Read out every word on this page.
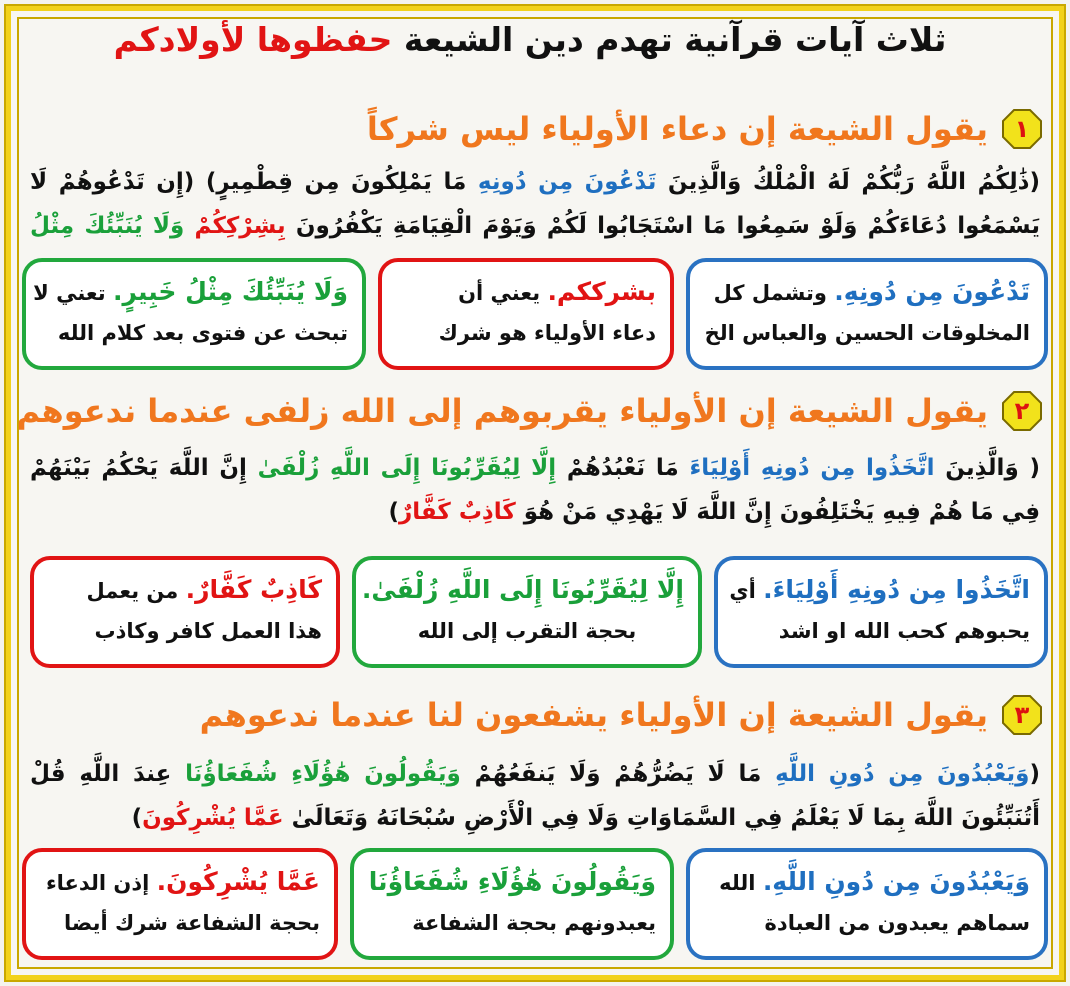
ثلاث آيات قرآنية تهدم دين الشيعة حفظوها لأولادكم
١
يقول الشيعة إن دعاء الأولياء ليس شركاً
(ذَٰلِكُمُ اللَّهُ رَبُّكُمْ لَهُ الْمُلْكُ وَالَّذِينَ تَدْعُونَ مِن دُونِهِ مَا يَمْلِكُونَ مِن قِطْمِيرٍ) (إِن تَدْعُوهُمْ لَا يَسْمَعُوا دُعَاءَكُمْ وَلَوْ سَمِعُوا مَا اسْتَجَابُوا لَكُمْ وَيَوْمَ الْقِيَامَةِ يَكْفُرُونَ بِشِرْكِكُمْ وَلَا يُنَبِّئُكَ مِثْلُ
تَدْعُونَ مِن دُونِهِ. وتشمل كل
المخلوقات الحسين والعباس الخ
بشرككم. يعني أن
دعاء الأولياء هو شرك
وَلَا يُنَبِّئُكَ مِثْلُ خَبِيرٍ. تعني لا
تبحث عن فتوى بعد كلام الله
٢
يقول الشيعة إن الأولياء يقربوهم إلى الله زلفى عندما ندعوهم
( وَالَّذِينَ اتَّخَذُوا مِن دُونِهِ أَوْلِيَاءَ مَا نَعْبُدُهُمْ إِلَّا لِيُقَرِّبُونَا إِلَى اللَّهِ زُلْفَىٰ إِنَّ اللَّهَ يَحْكُمُ بَيْنَهُمْ فِي مَا هُمْ فِيهِ يَخْتَلِفُونَ إِنَّ اللَّهَ لَا يَهْدِي مَنْ هُوَ كَاذِبٌ كَفَّارٌ)
اتَّخَذُوا مِن دُونِهِ أَوْلِيَاءَ. أي
يحبوهم كحب الله او اشد
إِلَّا لِيُقَرِّبُونَا إِلَى اللَّهِ زُلْفَىٰ.
بحجة التقرب إلى الله
كَاذِبٌ كَفَّارٌ. من يعمل
هذا العمل كافر وكاذب
٣
يقول الشيعة إن الأولياء يشفعون لنا عندما ندعوهم
(وَيَعْبُدُونَ مِن دُونِ اللَّهِ مَا لَا يَضُرُّهُمْ وَلَا يَنفَعُهُمْ وَيَقُولُونَ هَٰؤُلَاءِ شُفَعَاؤُنَا عِندَ اللَّهِ قُلْ أَتُنَبِّئُونَ اللَّهَ بِمَا لَا يَعْلَمُ فِي السَّمَاوَاتِ وَلَا فِي الْأَرْضِ سُبْحَانَهُ وَتَعَالَىٰ عَمَّا يُشْرِكُونَ)
وَيَعْبُدُونَ مِن دُونِ اللَّهِ. الله
سماهم يعبدون من العبادة
وَيَقُولُونَ هَٰؤُلَاءِ شُفَعَاؤُنَا
يعبدونهم بحجة الشفاعة
عَمَّا يُشْرِكُونَ. إذن الدعاء
بحجة الشفاعة شرك أيضا
